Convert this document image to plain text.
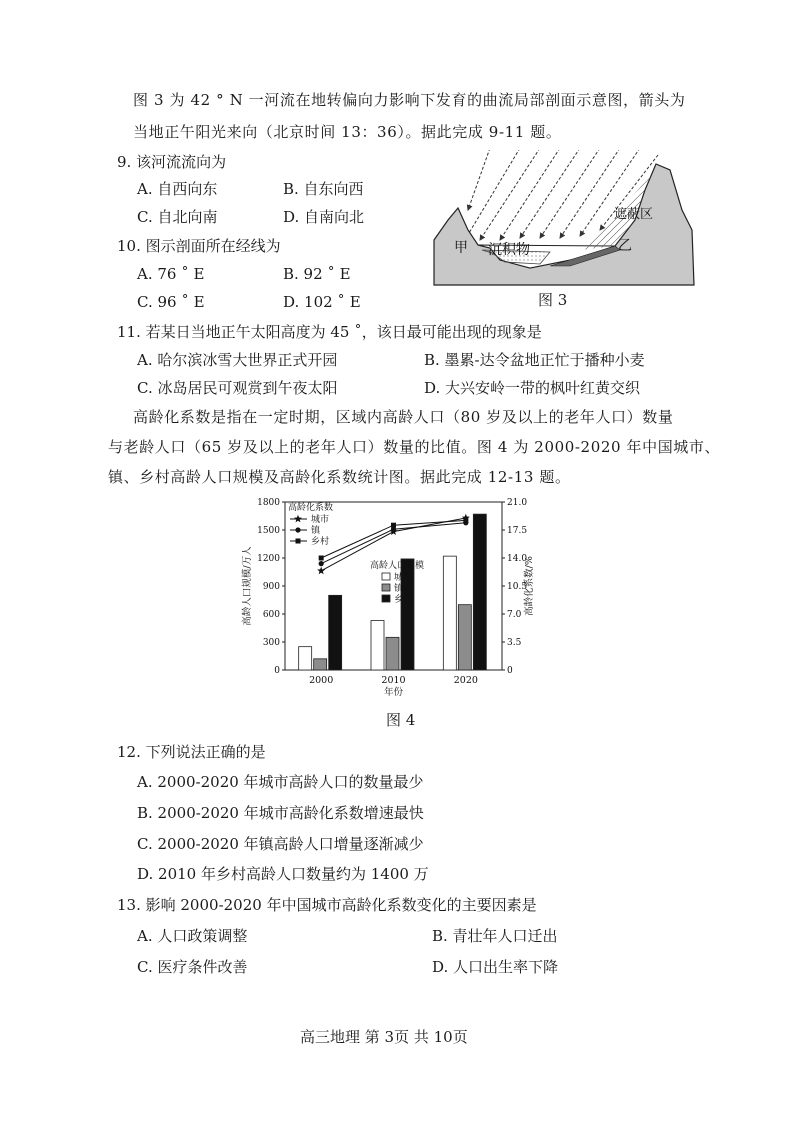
图 3 为 42 ° N 一河流在地转偏向力影响下发育的曲流局部剖面示意图，箭头为
当地正午阳光来向（北京时间 13：36）。据此完成 9-11 题。
9. 该河流流向为
A. 自西向东	B. 自东向西
C. 自北向南	D. 自南向北
10. 图示剖面所在经线为
A. 76 ˚ E	B. 92 ˚ E
C. 96 ˚ E	D. 102 ˚ E
甲	乙
沉积物
遮蔽区
图 3
11. 若某日当地正午太阳高度为 45 ˚，该日最可能出现的现象是
A. 哈尔滨冰雪大世界正式开园	B. 墨累-达令盆地正忙于播种小麦
C. 冰岛居民可观赏到午夜太阳	D. 大兴安岭一带的枫叶红黄交织
高龄化系数是指在一定时期，区域内高龄人口（80 岁及以上的老年人口）数量
与老龄人口（65 岁及以上的老年人口）数量的比值。图 4 为 2000-2020 年中国城市、
镇、乡村高龄人口规模及高龄化系数统计图。据此完成 12-13 题。
0
300
600
900
1200
1500
1800
0
3.5
7.0
10.5
14.0
17.5
21.0
高龄人口规模/万人	高龄化系数/%
2000	2010	2020
年份
高龄化系数
城市
镇
乡村
高龄人口规模
城市
镇
乡村
图 4
12. 下列说法正确的是
A. 2000-2020 年城市高龄人口的数量最少
B. 2000-2020 年城市高龄化系数增速最快
C. 2000-2020 年镇高龄人口增量逐渐减少
D. 2010 年乡村高龄人口数量约为 1400 万
13. 影响 2000-2020 年中国城市高龄化系数变化的主要因素是
A. 人口政策调整	B. 青壮年人口迁出
C. 医疗条件改善	D. 人口出生率下降
高三地理 第 3页 共 10页
